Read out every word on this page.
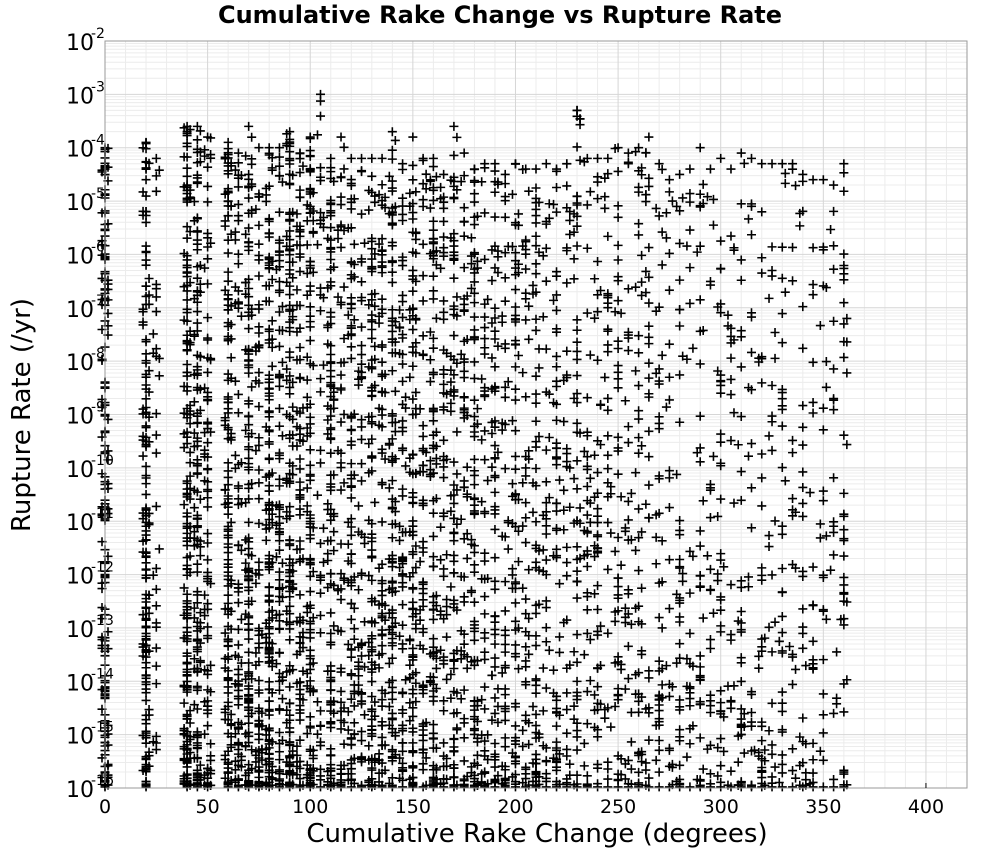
Cumulative Rake Change vs Rupture Rate
0	50	100	150	200	250	300	350	400
10
-16
10
-15
10
-14
10
-13
10
-12
10
-11
10
-10
10
-9
10
-8
10
-7
10
-6
10
-5
10
-4
10
-3
10
-2
Cumulative Rake Change (degrees)
Rupture Rate (/yr)
